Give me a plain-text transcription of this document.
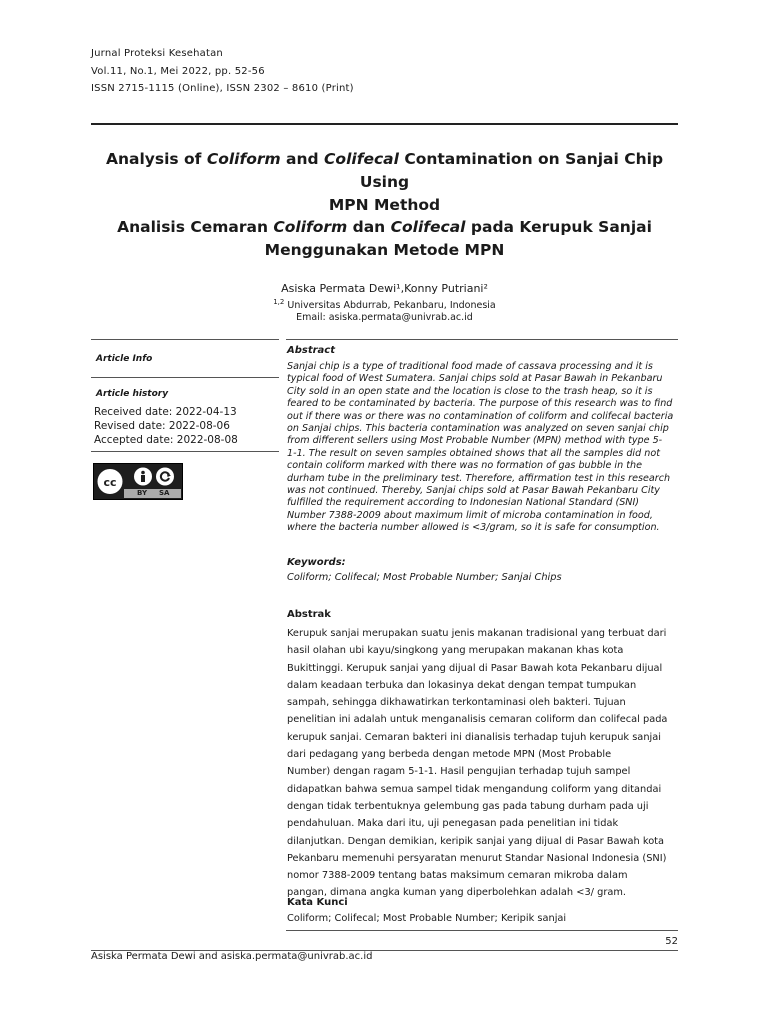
Jurnal Proteksi Kesehatan
Vol.11, No.1, Mei 2022, pp. 52-56
ISSN 2715-1115 (Online), ISSN 2302 – 8610 (Print)
Analysis of Coliform and Colifecal Contamination on Sanjai Chip Using
MPN Method
Analisis Cemaran Coliform dan Colifecal pada Kerupuk Sanjai
Menggunakan Metode MPN
Asiska Permata Dewi¹,Konny Putriani²
$^{1,2}$ Universitas Abdurrab, Pekanbaru, Indonesia
Email: asiska.permata@univrab.ac.id
Article Info
Article history
Received date: 2022-04-13
Revised date: 2022-08-06
Accepted date: 2022-08-08
cc
BY SA
Abstract
Sanjai chip is a type of traditional food made of cassava processing and it is
typical food of West Sumatera. Sanjai chips sold at Pasar Bawah in Pekanbaru
City sold in an open state and the location is close to the trash heap, so it is
feared to be contaminated by bacteria. The purpose of this research was to find
out if there was or there was no contamination of coliform and colifecal bacteria
on Sanjai chips. This bacteria contamination was analyzed on seven sanjai chip
from different sellers using Most Probable Number (MPN) method with type 5-
1-1. The result on seven samples obtained shows that all the samples did not
contain coliform marked with there was no formation of gas bubble in the
durham tube in the preliminary test. Therefore, affirmation test in this research
was not continued. Thereby, Sanjai chips sold at Pasar Bawah Pekanbaru City
fulfilled the requirement according to Indonesian National Standard (SNI)
Number 7388-2009 about maximum limit of microba contamination in food,
where the bacteria number allowed is <3/gram, so it is safe for consumption.
Keywords:
Coliform; Colifecal; Most Probable Number; Sanjai Chips
Abstrak
Kerupuk sanjai merupakan suatu jenis makanan tradisional yang terbuat dari
hasil olahan ubi kayu/singkong yang merupakan makanan khas kota
Bukittinggi. Kerupuk sanjai yang dijual di Pasar Bawah kota Pekanbaru dijual
dalam keadaan terbuka dan lokasinya dekat dengan tempat tumpukan
sampah, sehingga dikhawatirkan terkontaminasi oleh bakteri. Tujuan
penelitian ini adalah untuk menganalisis cemaran coliform dan colifecal pada
kerupuk sanjai. Cemaran bakteri ini dianalisis terhadap tujuh kerupuk sanjai
dari pedagang yang berbeda dengan metode MPN (Most Probable
Number) dengan ragam 5-1-1. Hasil pengujian terhadap tujuh sampel
didapatkan bahwa semua sampel tidak mengandung coliform yang ditandai
dengan tidak terbentuknya gelembung gas pada tabung durham pada uji
pendahuluan. Maka dari itu, uji penegasan pada penelitian ini tidak
dilanjutkan. Dengan demikian, keripik sanjai yang dijual di Pasar Bawah kota
Pekanbaru memenuhi persyaratan menurut Standar Nasional Indonesia (SNI)
nomor 7388-2009 tentang batas maksimum cemaran mikroba dalam
pangan, dimana angka kuman yang diperbolehkan adalah <3/ gram.
Kata Kunci
Coliform; Colifecal; Most Probable Number; Keripik sanjai
52
Asiska Permata Dewi and asiska.permata@univrab.ac.id
